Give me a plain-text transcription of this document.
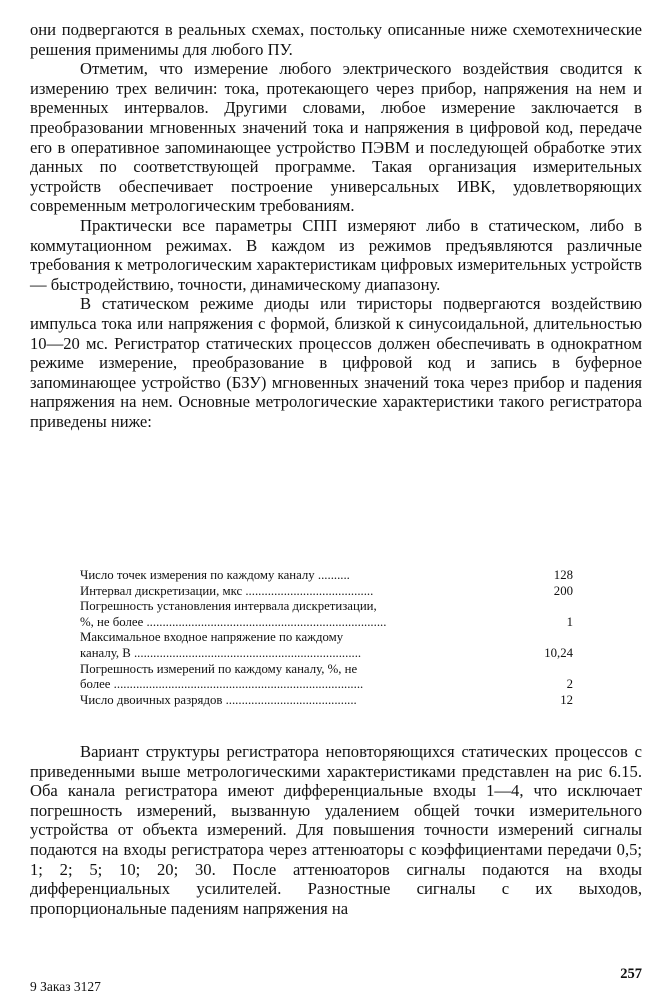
они подвергаются в реальных схемах, постольку описанные ниже схемотехнические решения применимы для любого ПУ.

Отметим, что измерение любого электрического воздействия сводится к измерению трех величин: тока, протекающего через прибор, напряжения на нем и временных интервалов. Другими словами, любое измерение заключается в преобразовании мгновенных значений тока и напряжения в цифровой код, передаче его в оперативное запоминающее устройство ПЭВМ и последующей обработке этих данных по соответствующей программе. Такая организация измерительных устройств обеспечивает построение универсальных ИВК, удовлетворяющих современным метрологическим требованиям.

Практически все параметры СПП измеряют либо в статическом, либо в коммутационном режимах. В каждом из режимов предъявляются различные требования к метрологическим характеристикам цифровых измерительных устройств — быстродействию, точности, динамическому диапазону.

В статическом режиме диоды или тиристоры подвергаются воздействию импульса тока или напряжения с формой, близкой к синусоидальной, длительностью 10—20 мс. Регистратор статических процессов должен обеспечивать в однократном режиме измерение, преобразование в цифровой код и запись в буферное запоминающее устройство (БЗУ) мгновенных значений тока через прибор и падения напряжения на нем. Основные метрологические характеристики такого регистратора приведены ниже:

Число точек измерения по каждому каналу ..........	128
Интервал дискретизации, мкс ........................................	200
Погрешность установления интервала дискретизации,
%, не более ...........................................................................	1
Максимальное входное напряжение по каждому
каналу, В .......................................................................	10,24
Погрешность измерений по каждому каналу, %, не
более ..............................................................................	2
Число двоичных разрядов .........................................	12

Вариант структуры регистратора неповторяющихся статических процессов с приведенными выше метрологическими характеристиками представлен на рис 6.15. Оба канала регистратора имеют дифференциальные входы 1—4, что исключает погрешность измерений, вызванную удалением общей точки измерительного устройства от объекта измерений. Для повышения точности измерений сигналы подаются на входы регистратора через аттенюаторы с коэффициентами передачи 0,5; 1; 2; 5; 10; 20; 30. После аттенюаторов сигналы подаются на входы дифференциальных усилителей. Разностные сигналы с их выходов, пропорциональные падениям напряжения на

9 Заказ 3127
257
